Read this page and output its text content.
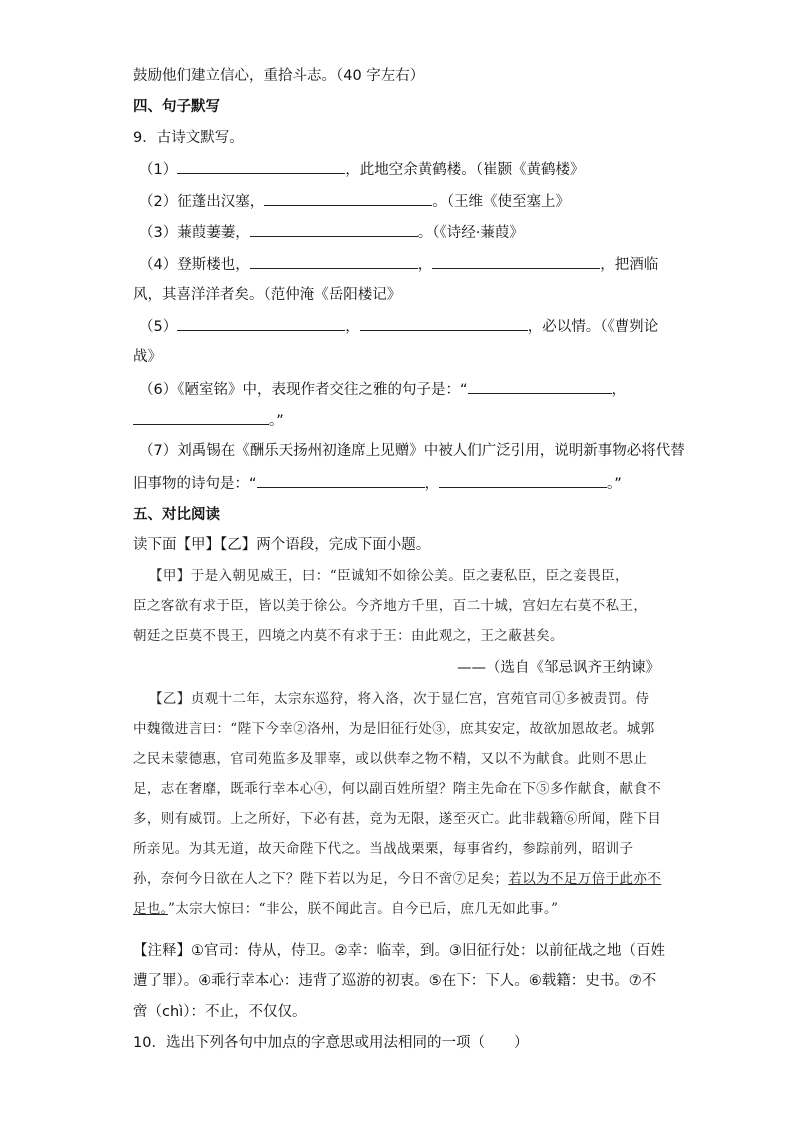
鼓励他们建立信心，重拾斗志。（40 字左右）
四、句子默写
9．古诗文默写。
（1）	，此地空余黄鹤楼。（崔颢《黄鹤楼》
（2）征蓬出汉塞，	。（王维《使至塞上》
（3）蒹葭萋萋，	。（《诗经·蒹葭》
（4）登斯楼也，	，	，把酒临
风，其喜洋洋者矣。（范仲淹《岳阳楼记》
（5）	，	，必以情。（《曹刿论
战》
（6）《陋室铭》中，表现作者交往之雅的句子是：“	，
。”
（7）刘禹锡在《酬乐天扬州初逢席上见赠》中被人们广泛引用，说明新事物必将代替
旧事物的诗句是：“	，	。”
五、对比阅读
读下面【甲】【乙】两个语段，完成下面小题。
【甲】于是入朝见威王，曰：“臣诚知不如徐公美。臣之妻私臣，臣之妾畏臣，
臣之客欲有求于臣，皆以美于徐公。今齐地方千里，百二十城，宫妇左右莫不私王，
朝廷之臣莫不畏王，四境之内莫不有求于王：由此观之，王之蔽甚矣。
——（选自《邹忌讽齐王纳谏》
【乙】贞观十二年，太宗东巡狩，将入洛，次于显仁宫，宫苑官司①多被责罚。侍
中魏徵进言曰：“陛下今幸②洛州，为是旧征行处③，庶其安定，故欲加恩故老。城郭
之民未蒙德惠，官司苑监多及罪辜，或以供奉之物不精，又以不为献食。此则不思止
足，志在奢靡，既乖行幸本心④，何以副百姓所望？隋主先命在下⑤多作献食，献食不
多，则有威罚。上之所好，下必有甚，竞为无限，遂至灭亡。此非载籍⑥所闻，陛下目
所亲见。为其无道，故天命陛下代之。当战战栗栗，每事省约，参踪前列，昭训子
孙，奈何今日欲在人之下？陛下若以为足，今日不啻⑦足矣；若以为不足万倍于此亦不
足也。”太宗大惊曰：“非公，朕不闻此言。自今已后，庶几无如此事。”
【注释】①官司：侍从，侍卫。②幸：临幸，到。③旧征行处：以前征战之地（百姓
遭了罪）。④乖行幸本心：违背了巡游的初衷。⑤在下：下人。⑥载籍：史书。⑦不
啻（chì）：不止，不仅仅。
10．选出下列各句中加点的字意思或用法相同的一项（　　）
